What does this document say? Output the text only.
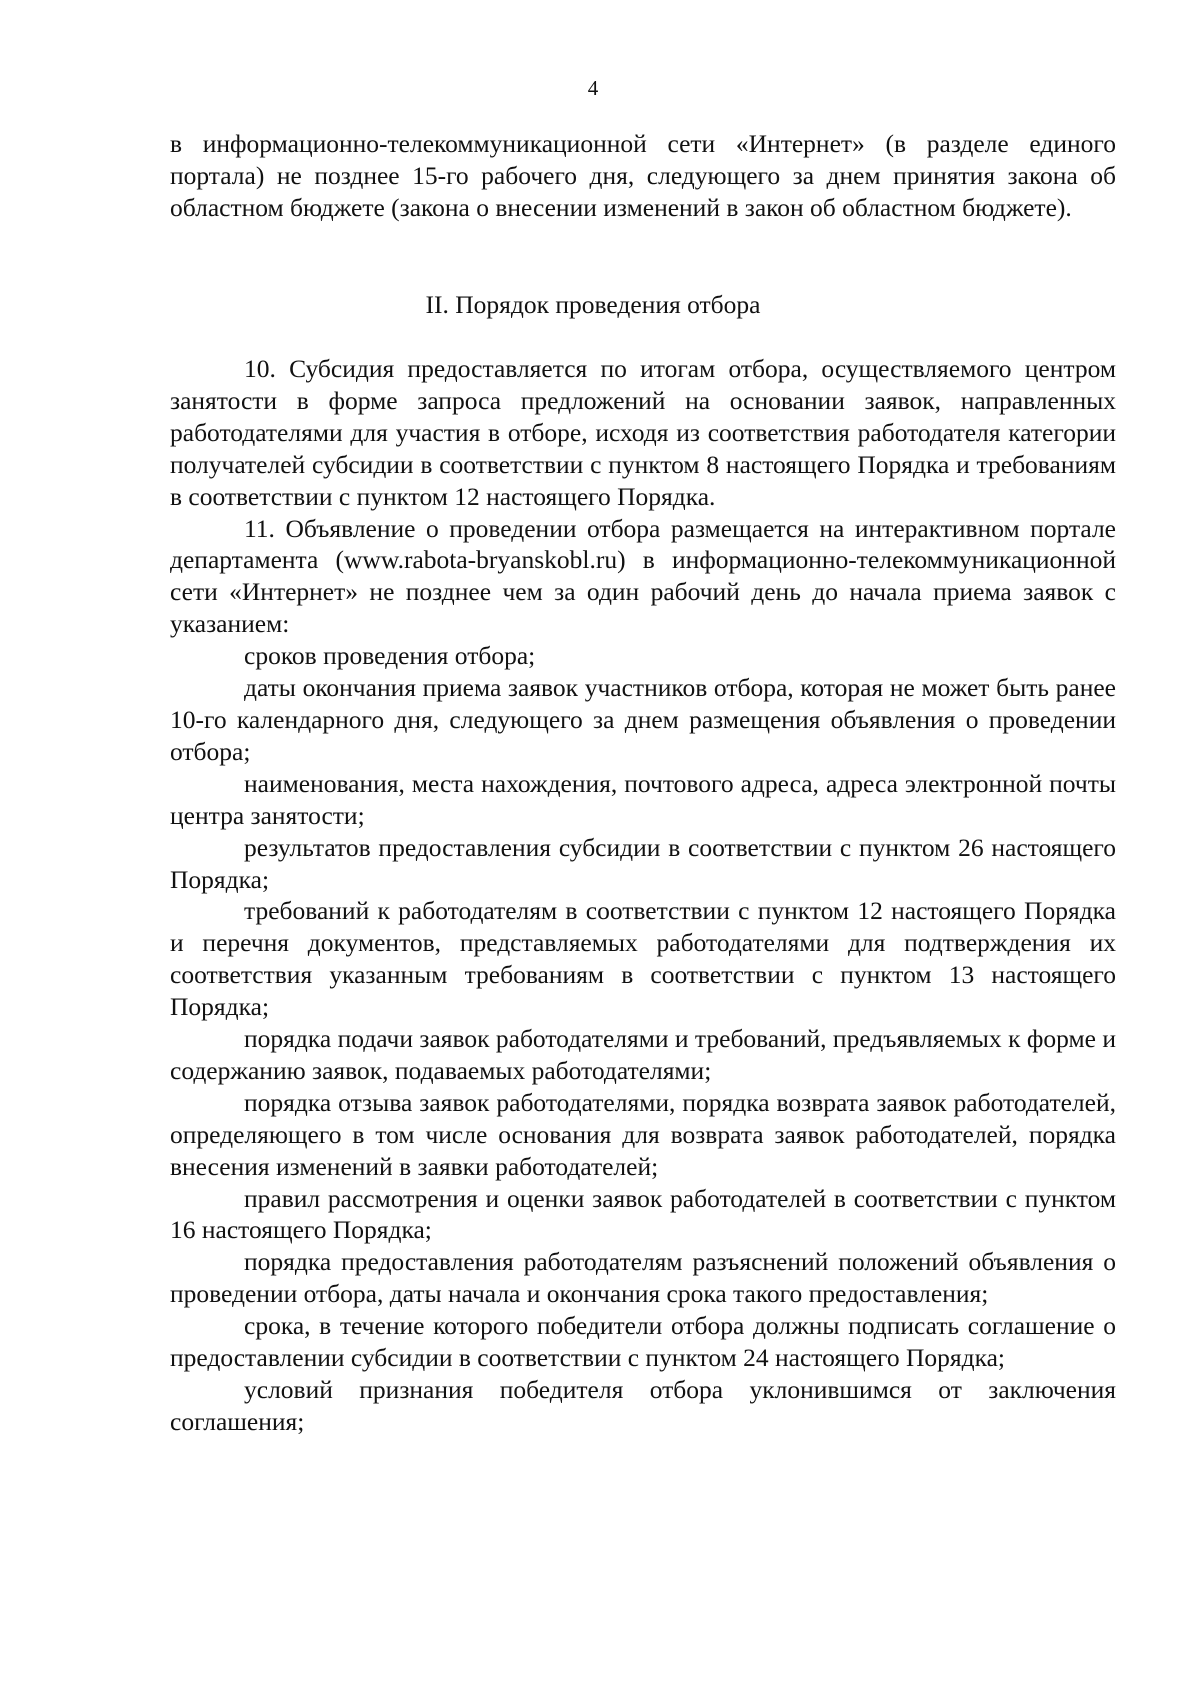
4

в информационно-телекоммуникационной сети «Интернет» (в разделе единого портала) не позднее 15-го рабочего дня, следующего за днем принятия закона об областном бюджете (закона о внесении изменений в закон об областном бюджете).

II. Порядок проведения отбора

10. Субсидия предоставляется по итогам отбора, осуществляемого центром занятости в форме запроса предложений на основании заявок, направленных работодателями для участия в отборе, исходя из соответствия работодателя категории получателей субсидии в соответствии с пунктом 8 настоящего Порядка и требованиям в соответствии с пунктом 12 настоящего Порядка.

11. Объявление о проведении отбора размещается на интерактивном портале департамента (www.rabota-bryanskobl.ru) в информационно-телекоммуникационной сети «Интернет» не позднее чем за один рабочий день до начала приема заявок с указанием:

сроков проведения отбора;

даты окончания приема заявок участников отбора, которая не может быть ранее 10-го календарного дня, следующего за днем размещения объявления о проведении отбора;

наименования, места нахождения, почтового адреса, адреса электронной почты центра занятости;

результатов предоставления субсидии в соответствии с пунктом 26 настоящего Порядка;

требований к работодателям в соответствии с пунктом 12 настоящего Порядка и перечня документов, представляемых работодателями для подтверждения их соответствия указанным требованиям в соответствии с пунктом 13 настоящего Порядка;

порядка подачи заявок работодателями и требований, предъявляемых к форме и содержанию заявок, подаваемых работодателями;

порядка отзыва заявок работодателями, порядка возврата заявок работодателей, определяющего в том числе основания для возврата заявок работодателей, порядка внесения изменений в заявки работодателей;

правил рассмотрения и оценки заявок работодателей в соответствии с пунктом 16 настоящего Порядка;

порядка предоставления работодателям разъяснений положений объявления о проведении отбора, даты начала и окончания срока такого предоставления;

срока, в течение которого победители отбора должны подписать соглашение о предоставлении субсидии в соответствии с пунктом 24 настоящего Порядка;

условий признания победителя отбора уклонившимся от заключения соглашения;
